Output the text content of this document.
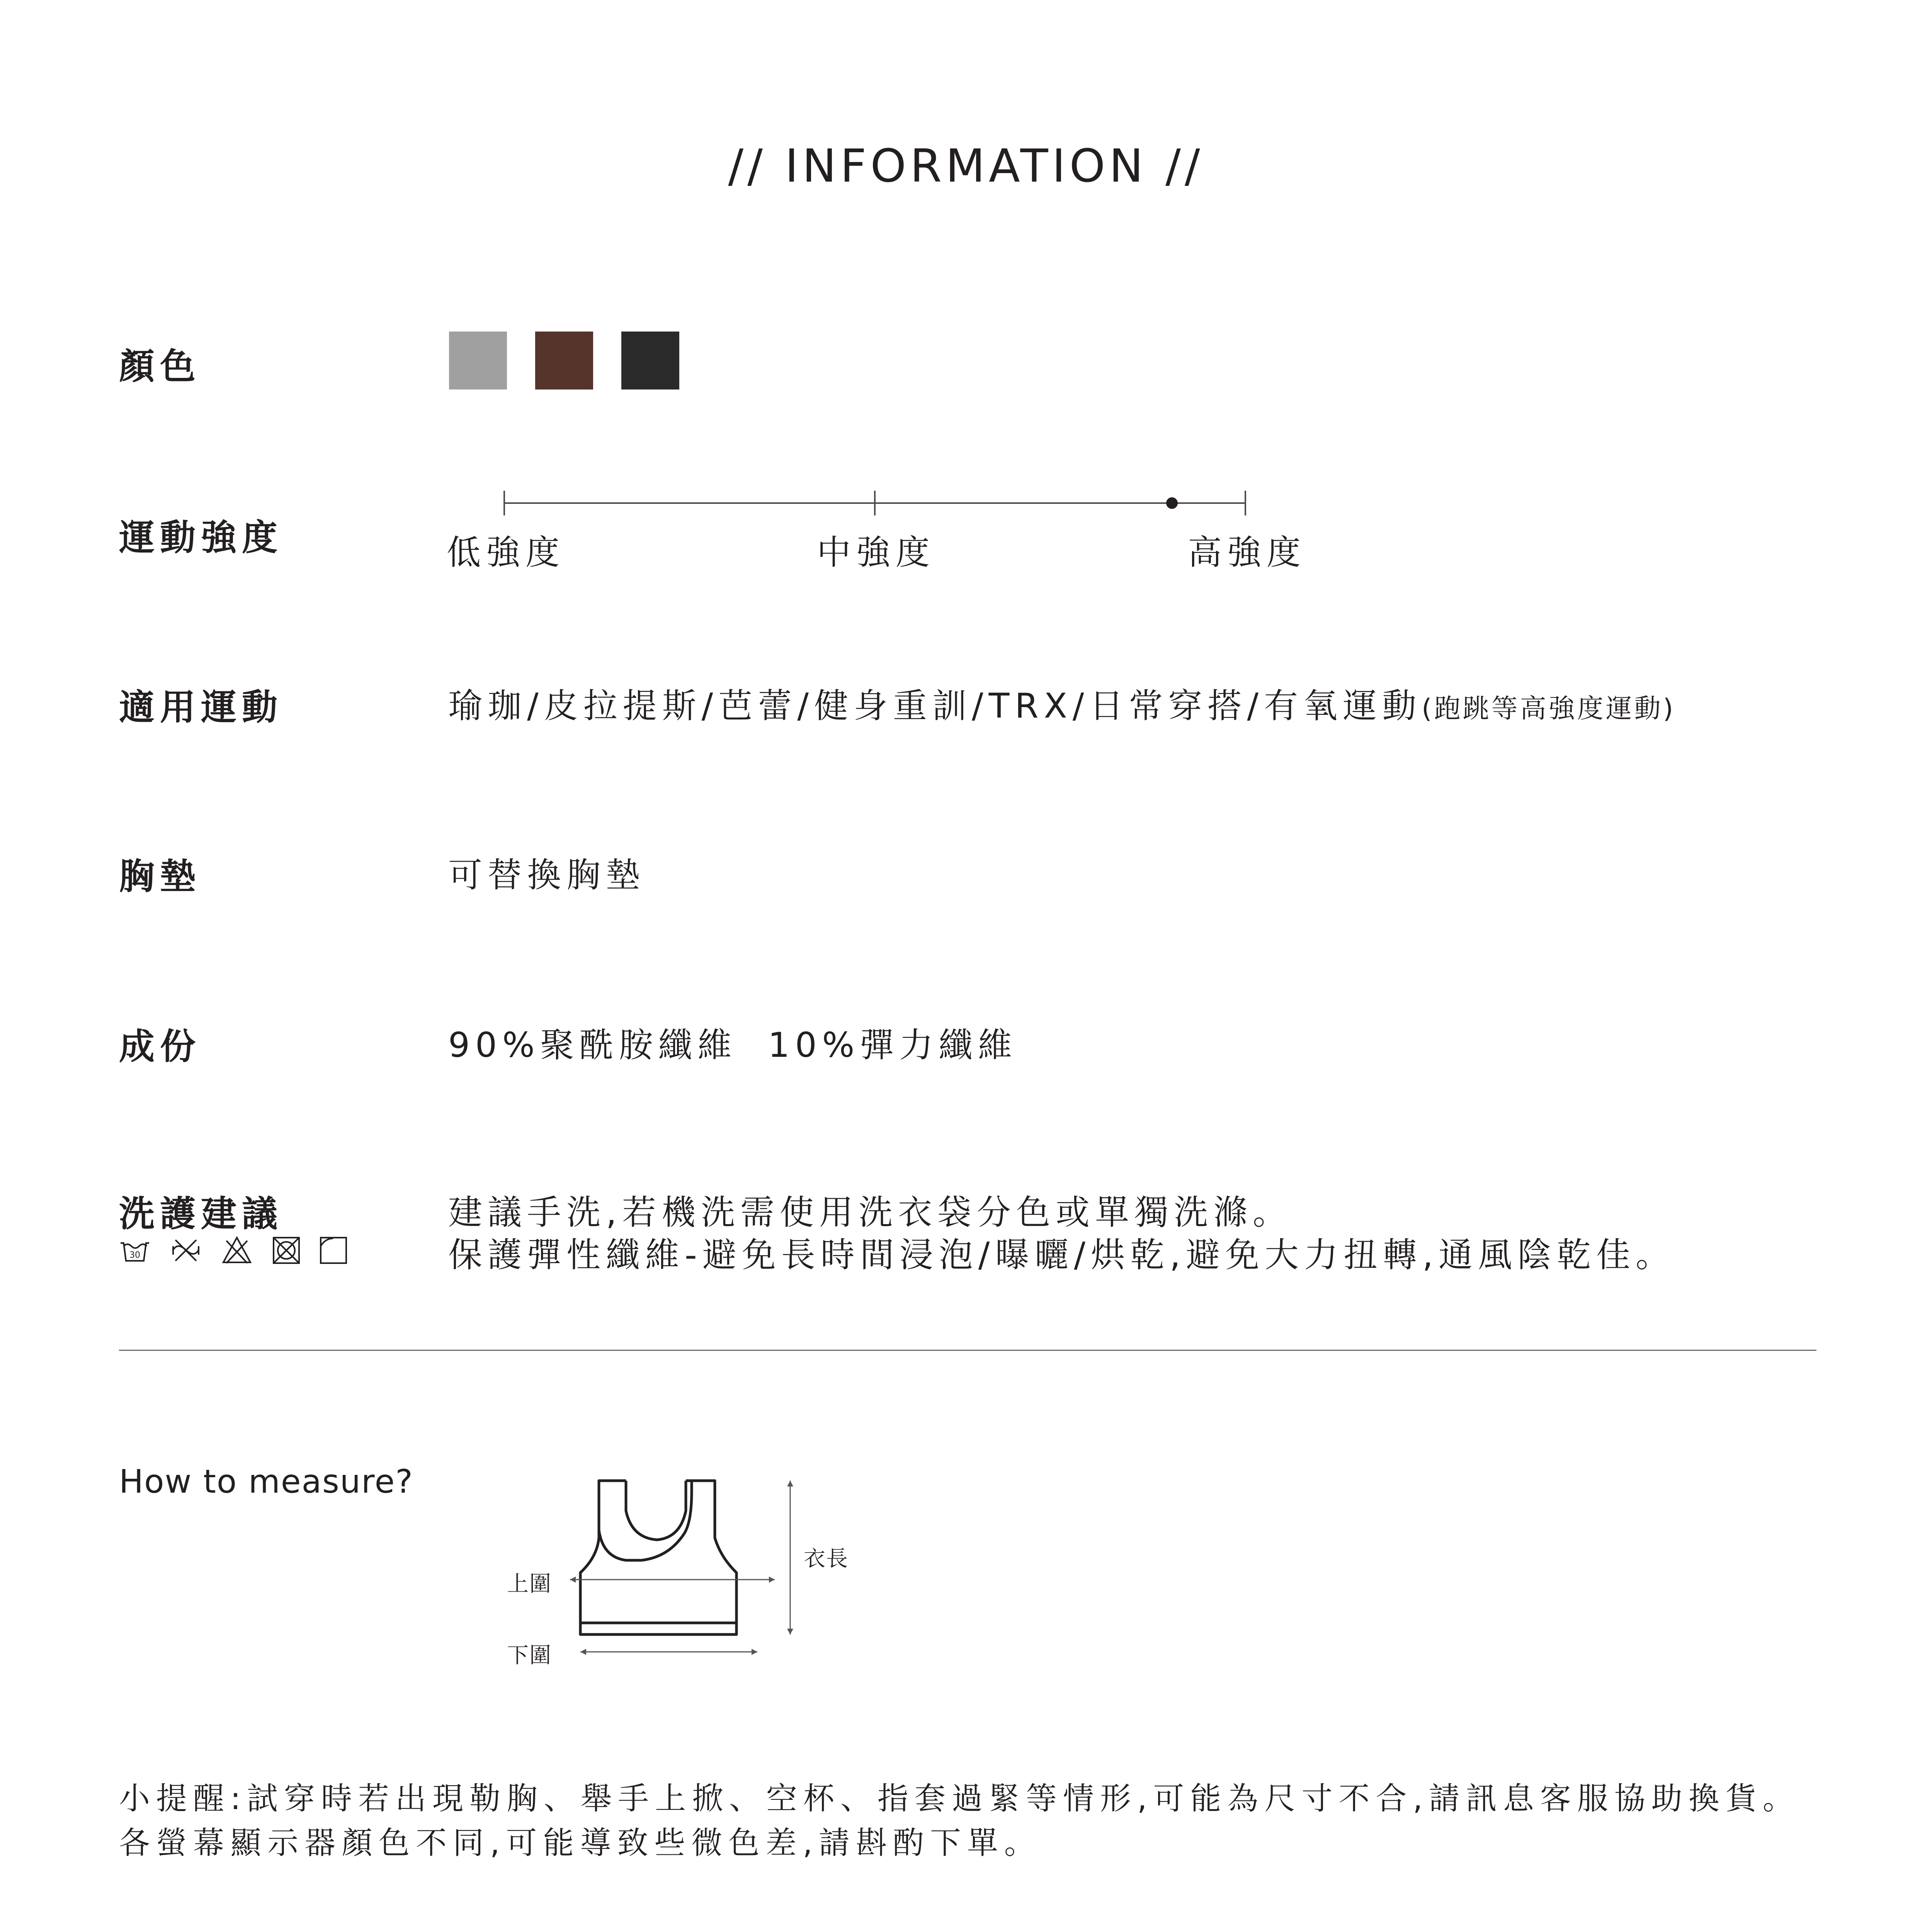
// INFORMATION //
顏色
運動強度	低強度	中強度	高強度
適用運動	瑜珈/皮拉提斯/芭蕾/健身重訓/TRX/日常穿搭/有氧運動(跑跳等高強度運動)
胸墊	可替換胸墊
成份	90%聚酰胺纖維 10%彈力纖維
洗護建議	建議手洗,若機洗需使用洗衣袋分色或單獨洗滌。
保護彈性纖維-避免長時間浸泡/曝曬/烘乾,避免大力扭轉,通風陰乾佳。
30
How to measure?
上圍
下圍
衣長
小提醒:試穿時若出現勒胸、舉手上掀、空杯、指套過緊等情形,可能為尺寸不合,請訊息客服協助換貨。
各螢幕顯示器顏色不同,可能導致些微色差,請斟酌下單。
